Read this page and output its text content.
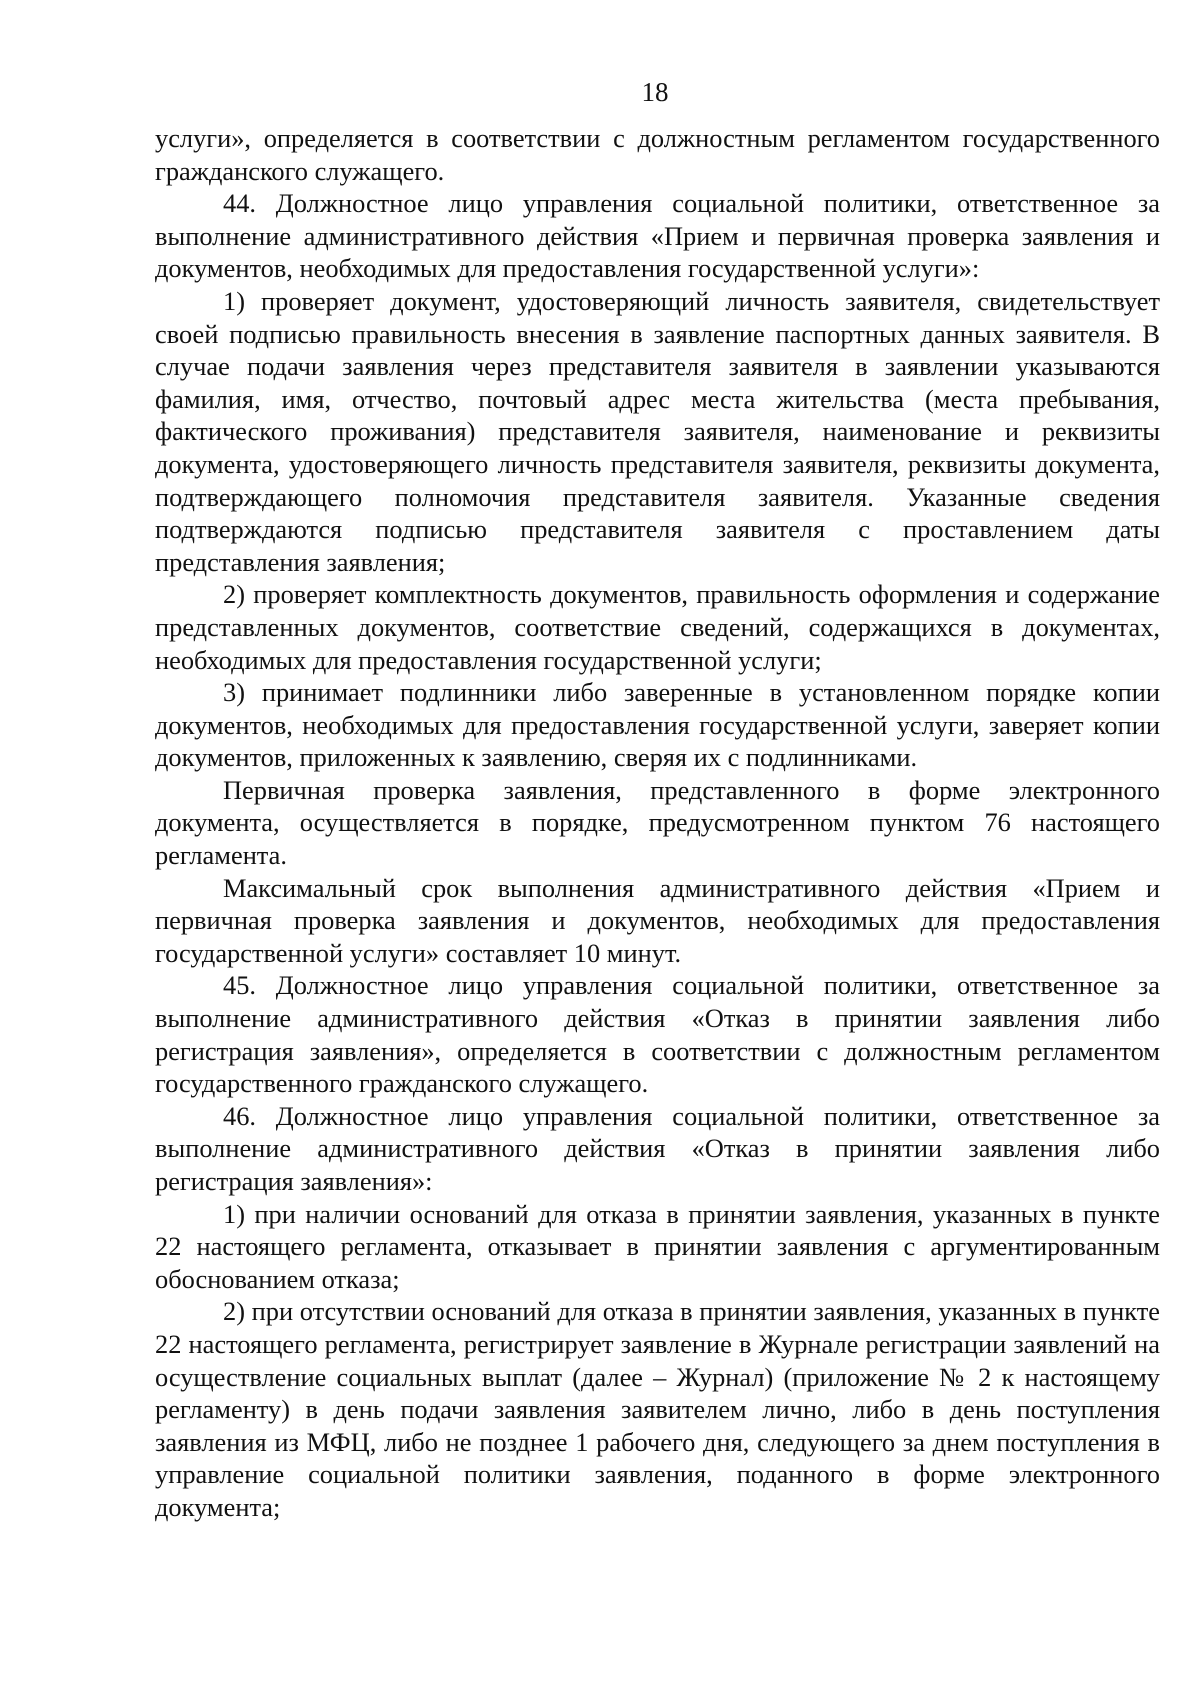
18

услуги», определяется в соответствии с должностным регламентом государственного гражданского служащего.

44. Должностное лицо управления социальной политики, ответственное за выполнение административного действия «Прием и первичная проверка заявления и документов, необходимых для предоставления государственной услуги»:

1) проверяет документ, удостоверяющий личность заявителя, свидетельствует своей подписью правильность внесения в заявление паспортных данных заявителя. В случае подачи заявления через представителя заявителя в заявлении указываются фамилия, имя, отчество, почтовый адрес места жительства (места пребывания, фактического проживания) представителя заявителя, наименование и реквизиты документа, удостоверяющего личность представителя заявителя, реквизиты документа, подтверждающего полномочия представителя заявителя. Указанные сведения подтверждаются подписью представителя заявителя с проставлением даты представления заявления;

2) проверяет комплектность документов, правильность оформления и содержание представленных документов, соответствие сведений, содержащихся в документах, необходимых для предоставления государственной услуги;

3) принимает подлинники либо заверенные в установленном порядке копии документов, необходимых для предоставления государственной услуги, заверяет копии документов, приложенных к заявлению, сверяя их с подлинниками.

Первичная проверка заявления, представленного в форме электронного документа, осуществляется в порядке, предусмотренном пунктом 76 настоящего регламента.

Максимальный срок выполнения административного действия «Прием и первичная проверка заявления и документов, необходимых для предоставления государственной услуги» составляет 10 минут.

45. Должностное лицо управления социальной политики, ответственное за выполнение административного действия «Отказ в принятии заявления либо регистрация заявления», определяется в соответствии с должностным регламентом государственного гражданского служащего.

46. Должностное лицо управления социальной политики, ответственное за выполнение административного действия «Отказ в принятии заявления либо регистрация заявления»:

1) при наличии оснований для отказа в принятии заявления, указанных в пункте 22 настоящего регламента, отказывает в принятии заявления с аргументированным обоснованием отказа;

2) при отсутствии оснований для отказа в принятии заявления, указанных в пункте 22 настоящего регламента, регистрирует заявление в Журнале регистрации заявлений на осуществление социальных выплат (далее – Журнал) (приложение № 2 к настоящему регламенту) в день подачи заявления заявителем лично, либо в день поступления заявления из МФЦ, либо не позднее 1 рабочего дня, следующего за днем поступления в управление социальной политики заявления, поданного в форме электронного документа;
